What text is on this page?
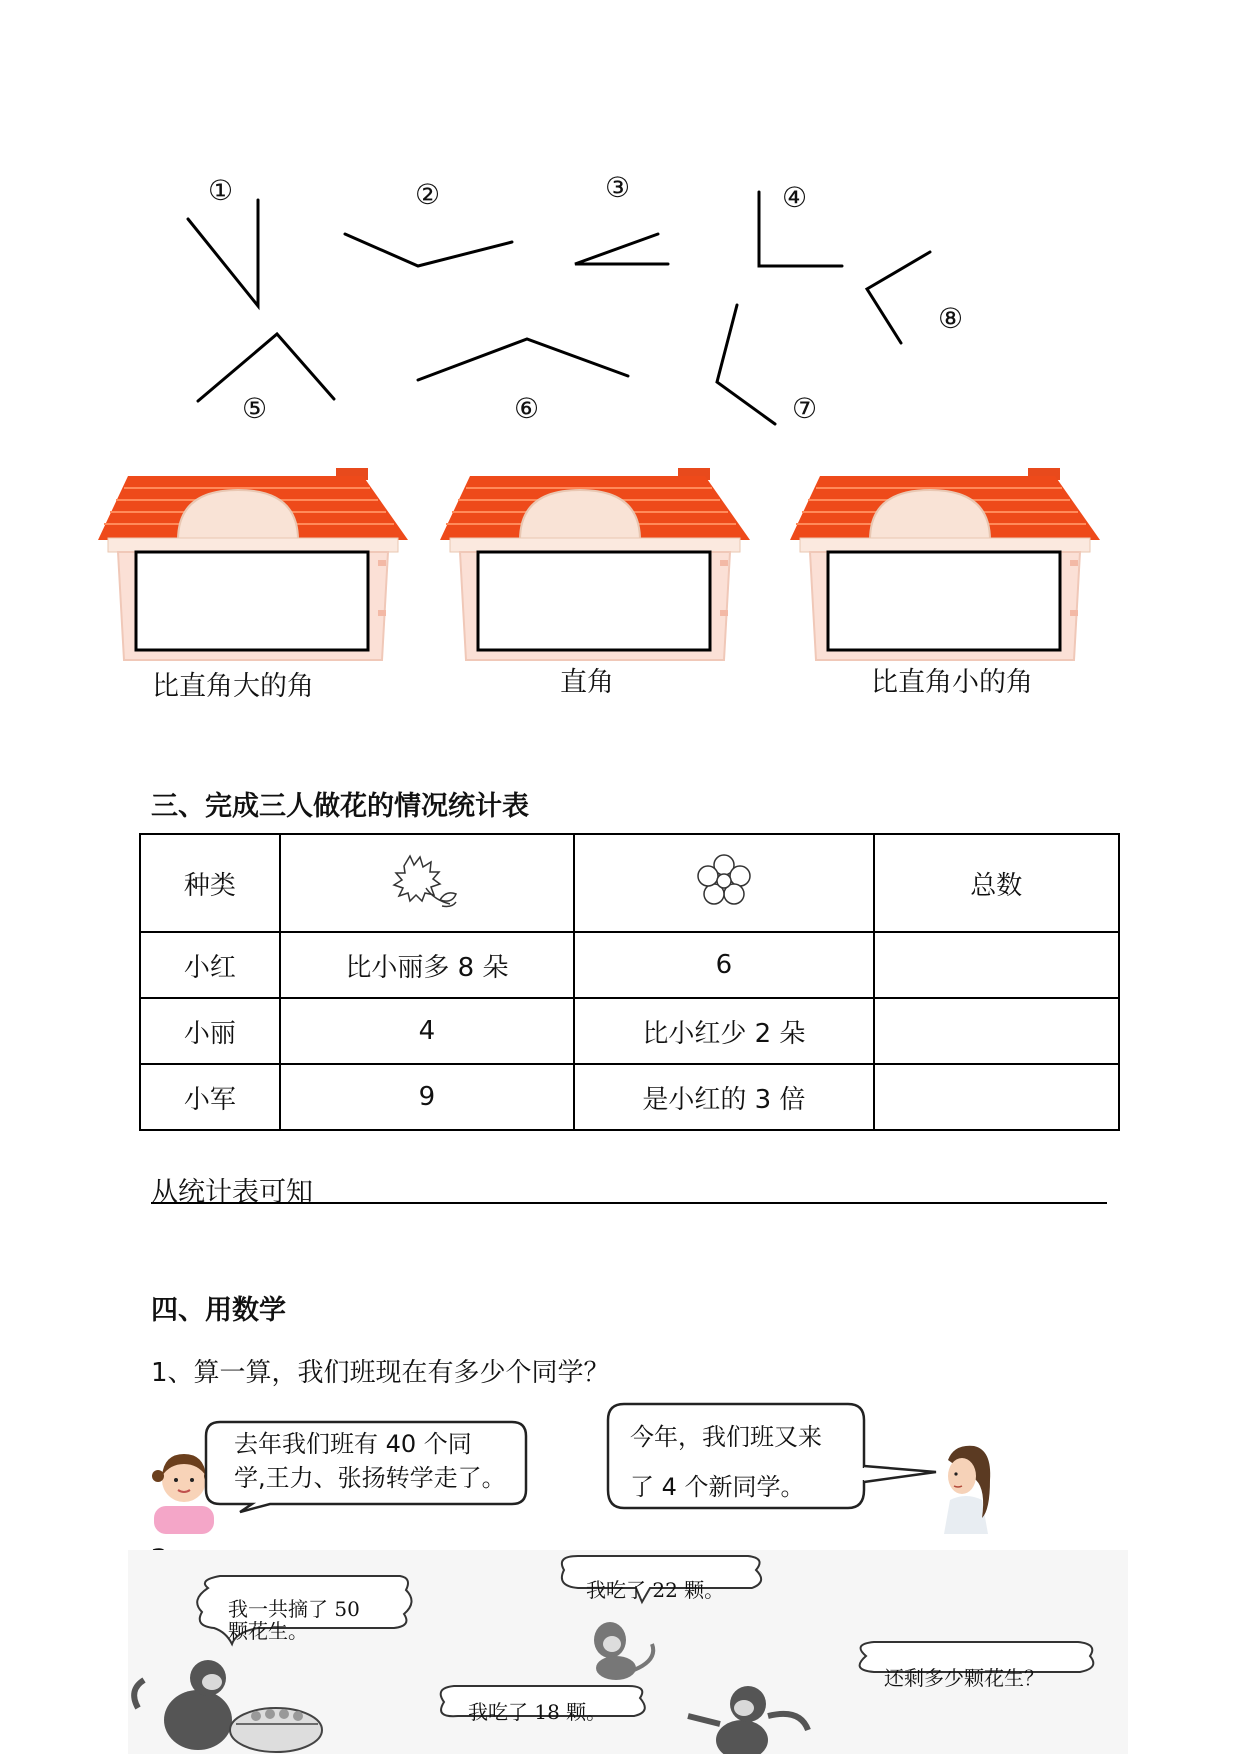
①	②	③	④
⑤	⑥	⑦
⑧
比直角大的角	直角	比直角小的角
三、完成三人做花的情况统计表
种类			总数
小红	比小丽多 8 朵	6	
小丽	4	比小红少 2 朵	
小军	9	是小红的 3 倍	
从统计表可知
四、用数学
1、算一算，我们班现在有多少个同学？
去年我们班有 40 个同
学,王力、张扬转学走了。
今年，我们班又来
了 4 个新同学。
我一共摘了 50
颗花生。
我吃了 22 颗。
我吃了 18 颗。
还剩多少颗花生？
